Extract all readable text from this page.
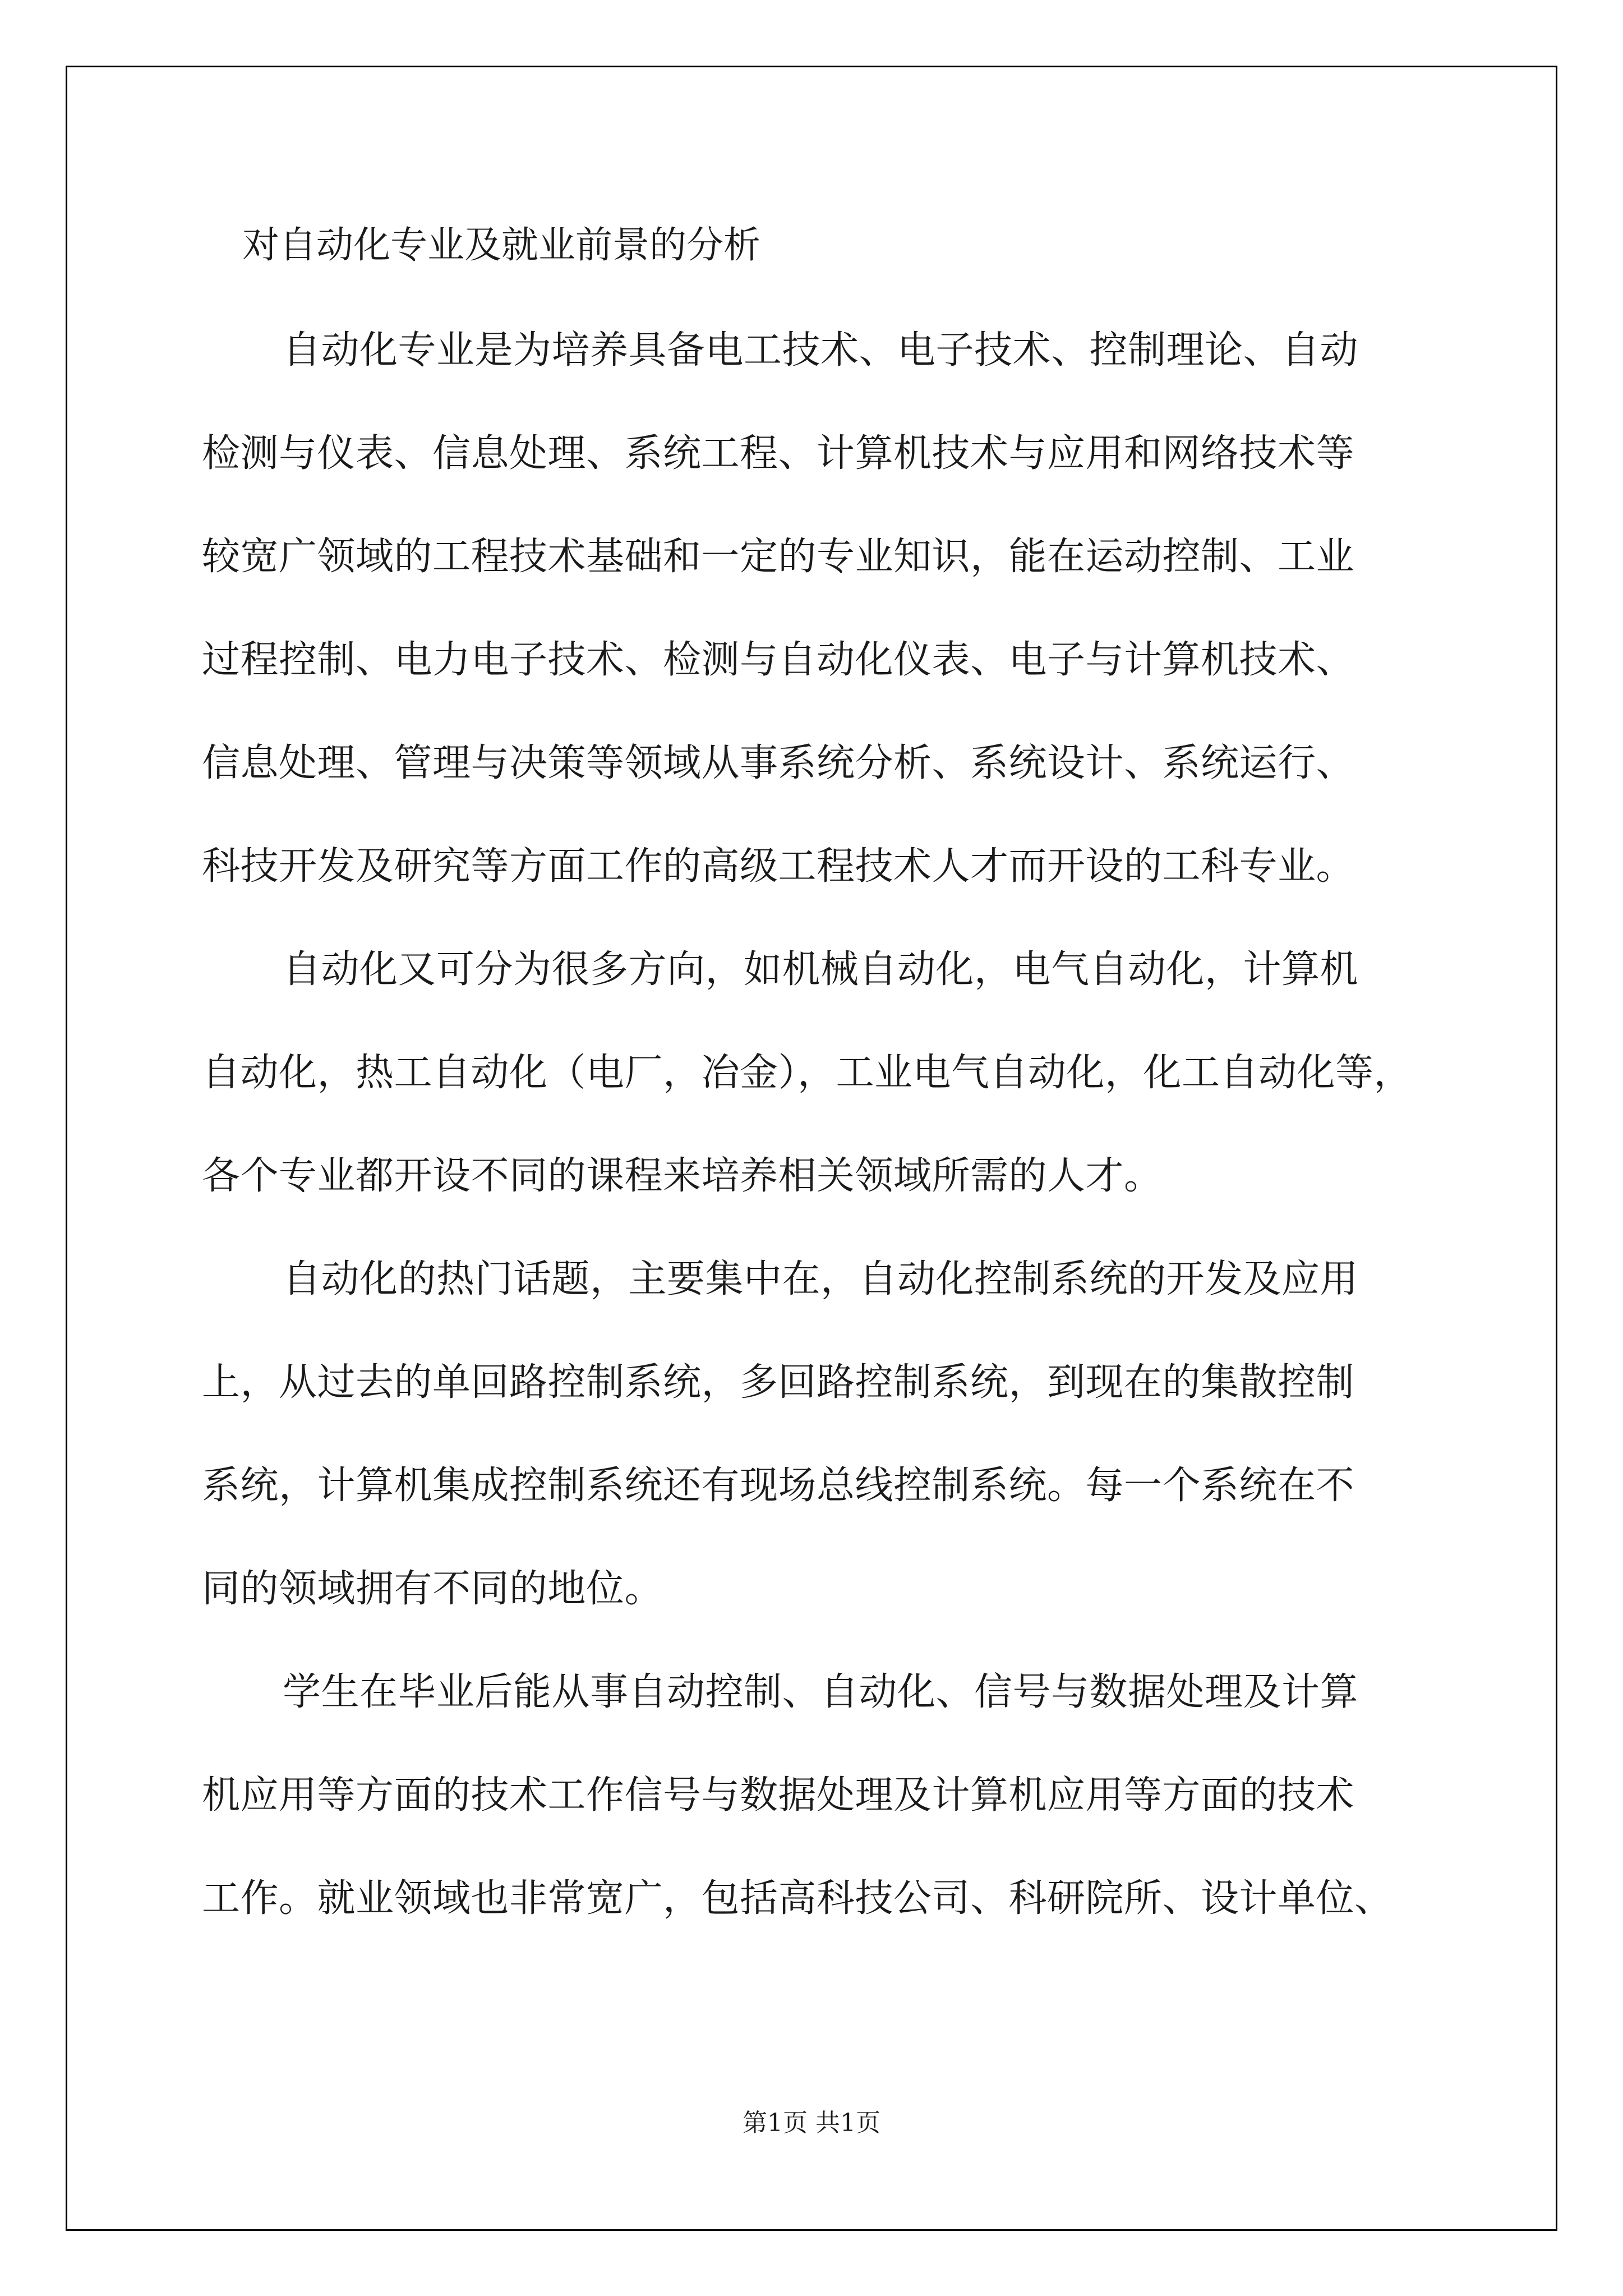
对自动化专业及就业前景的分析
自动化专业是为培养具备电工技术、电子技术、控制理论、自动
检测与仪表、信息处理、系统工程、计算机技术与应用和网络技术等
较宽广领域的工程技术基础和一定的专业知识，能在运动控制、工业
过程控制、电力电子技术、检测与自动化仪表、电子与计算机技术、
信息处理、管理与决策等领域从事系统分析、系统设计、系统运行、
科技开发及研究等方面工作的高级工程技术人才而开设的工科专业。
自动化又可分为很多方向，如机械自动化，电气自动化，计算机
自动化，热工自动化（电厂，冶金），工业电气自动化，化工自动化等，
各个专业都开设不同的课程来培养相关领域所需的人才。
自动化的热门话题，主要集中在，自动化控制系统的开发及应用
上，从过去的单回路控制系统，多回路控制系统，到现在的集散控制
系统，计算机集成控制系统还有现场总线控制系统。每一个系统在不
同的领域拥有不同的地位。
学生在毕业后能从事自动控制、自动化、信号与数据处理及计算
机应用等方面的技术工作信号与数据处理及计算机应用等方面的技术
工作。就业领域也非常宽广，包括高科技公司、科研院所、设计单位、
第1页 共1页
